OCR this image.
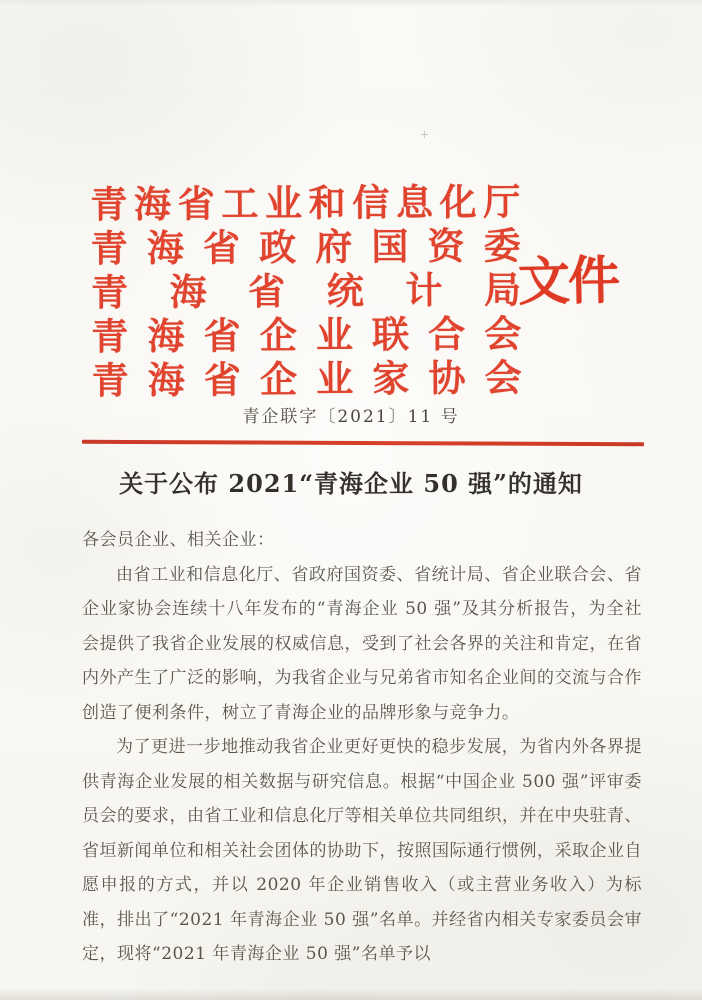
青 海 省 工 业 和 信 息 化 厅
青 海 省 政 府 国 资 委
青 海 省 统 计 局
青 海 省 企 业 联 合 会
青 海 省 企 业 家 协 会
文件
青企联字〔2021〕11 号
关于公布 2021“青海企业 50 强”的通知

各会员企业、相关企业：

由省工业和信息化厅、省政府国资委、省统计局、省企业联合会、省企业家协会连续十八年发布的“青海企业 50 强”及其分析报告，为全社会提供了我省企业发展的权威信息，受到了社会各界的关注和肯定，在省内外产生了广泛的影响，为我省企业与兄弟省市知名企业间的交流与合作创造了便利条件，树立了青海企业的品牌形象与竞争力。

为了更进一步地推动我省企业更好更快的稳步发展，为省内外各界提供青海企业发展的相关数据与研究信息。根据“中国企业 500 强”评审委员会的要求，由省工业和信息化厅等相关单位共同组织，并在中央驻青、省垣新闻单位和相关社会团体的协助下，按照国际通行惯例，采取企业自愿申报的方式，并以 2020 年企业销售收入（或主营业务收入）为标准，排出了“2021 年青海企业 50 强”名单。并经省内相关专家委员会审定，现将“2021 年青海企业 50 强”名单予以
